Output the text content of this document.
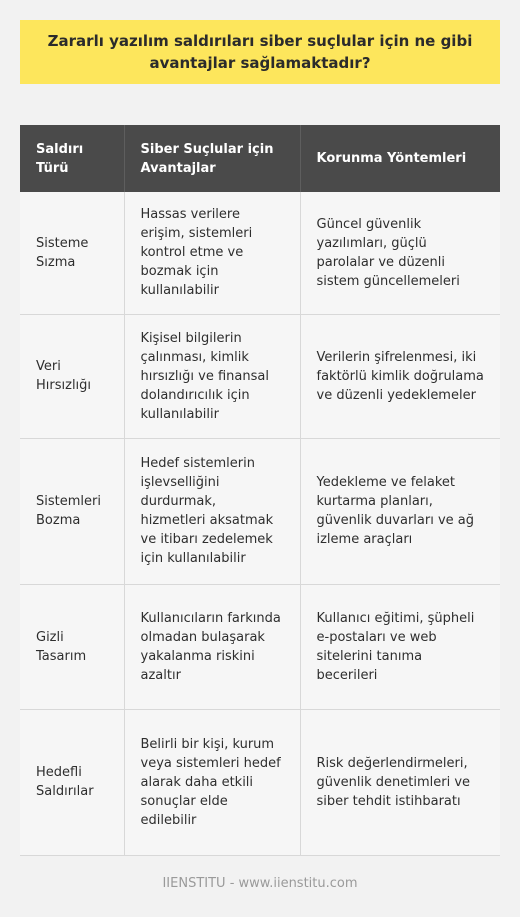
Zararlı yazılım saldırıları siber suçlular için ne gibi avantajlar sağlamaktadır?
Saldırı Türü	Siber Suçlular için Avantajlar	Korunma Yöntemleri
Sisteme Sızma	Hassas verilere erişim, sistemleri kontrol etme ve bozmak için kullanılabilir	Güncel güvenlik yazılımları, güçlü parolalar ve düzenli sistem güncellemeleri
Veri Hırsızlığı	Kişisel bilgilerin çalınması, kimlik hırsızlığı ve finansal dolandırıcılık için kullanılabilir	Verilerin şifrelenmesi, iki faktörlü kimlik doğrulama ve düzenli yedeklemeler
Sistemleri Bozma	Hedef sistemlerin işlevselliğini durdurmak, hizmetleri aksatmak ve itibarı zedelemek için kullanılabilir	Yedekleme ve felaket kurtarma planları, güvenlik duvarları ve ağ izleme araçları
Gizli Tasarım	Kullanıcıların farkında olmadan bulaşarak yakalanma riskini azaltır	Kullanıcı eğitimi, şüpheli e-postaları ve web sitelerini tanıma becerileri
Hedefli Saldırılar	Belirli bir kişi, kurum veya sistemleri hedef alarak daha etkili sonuçlar elde edilebilir	Risk değerlendirmeleri, güvenlik denetimleri ve siber tehdit istihbaratı
IIENSTITU - www.iienstitu.com
